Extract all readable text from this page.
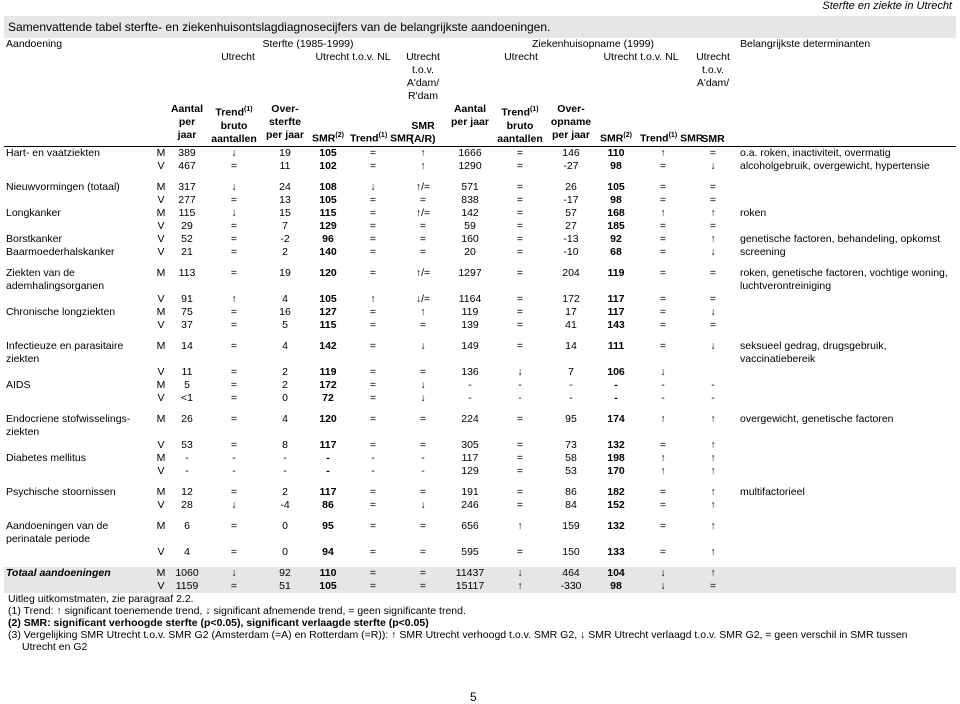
Sterfte en ziekte in Utrecht
Samenvattende tabel sterfte- en ziekenhuisontslagdiagnosecijfers van de belangrijkste aandoeningen.
Aandoening		Sterfte (1985-1999)						Ziekenhuisopname (1999)						Belangrijkste determinanten
		Utrecht			Utrecht t.o.v. NL		Utrecht t.o.v. A'dam/ R'dam	Utrecht			Utrecht t.o.v. NL		Utrecht t.o.v. A'dam/	
		Aantal per jaar	Trend$^{(1)}$ bruto aantallen	Over- sterfte per jaar	SMR$^{(2)}$	Trend$^{(1)}$ SMR	SMR (A/R)	Aantal per jaar	Trend$^{(1)}$ bruto aantallen	Over- opname per jaar	SMR$^{(2)}$	Trend$^{(1)}$ SMR	SMR	
Hart- en vaatziekten	M	389	↓	19	105	=	↑	1666	=	146	110	↑	=	o.a. roken, inactiviteit, overmatig alcoholgebruik, overgewicht, hypertensie
	V	467	=	11	102	=	↑	1290	=	-27	98	=	↓	

Nieuwvormingen (totaal)	M	317	↓	24	108	↓	↑/=	571	=	26	105	=	=	
	V	277	=	13	105	=	=	838	=	-17	98	=	=	
Longkanker	M	115	↓	15	115	=	↑/=	142	=	57	168	↑	↑	roken
	V	29	=	7	129	=	=	59	=	27	185	=	=	
Borstkanker	V	52	=	-2	96	=	=	160	=	-13	92	=	↑	genetische factoren, behandeling, opkomst screening
Baarmoederhalskanker	V	21	=	2	140	=	=	20	=	-10	68	=	↓	

Ziekten van de ademhalingsorganen	M	113	=	19	120	=	↑/=	1297	=	204	119	=	=	roken, genetische factoren, vochtige woning, luchtverontreiniging
	V	91	↑	4	105	↑	↓/=	1164	=	172	117	=	=	
Chronische longziekten	M	75	=	16	127	=	↑	119	=	17	117	=	↓	
	V	37	=	5	115	=	=	139	=	41	143	=	=	

Infectieuze en parasitaire ziekten	M	14	=	4	142	=	↓	149	=	14	111	=	↓	seksueel gedrag, drugsgebruik, vaccinatiebereik
	V	11	=	2	119	=	=	136	↓	7	106	↓		
AIDS	M	5	=	2	172	=	↓	-	-	-	-	-	-	
	V	<1	=	0	72	=	↓	-	-	-	-	-	-	

Endocriene stofwisselings-ziekten	M	26	=	4	120	=	=	224	=	95	174	↑	↑	overgewicht, genetische factoren
	V	53	=	8	117	=	=	305	=	73	132	=	↑	
Diabetes mellitus	M	-	-	-	-	-	-	117	=	58	198	↑	↑	
	V	-	-	-	-	-	-	129	=	53	170	↑	↑	

Psychische stoornissen	M	12	=	2	117	=	=	191	=	86	182	=	↑	multifactorieel
	V	28	↓	-4	86	=	↓	246	=	84	152	=	↑	

Aandoeningen van de perinatale periode	M	6	=	0	95	=	=	656	↑	159	132	=	↑	
	V	4	=	0	94	=	=	595	=	150	133	=	↑	

Totaal aandoeningen	M	1060	↓	92	110	=	=	11437	↓	464	104	↓	↑	
	V	1159	=	51	105	=	=	15117	↑	-330	98	↓	=	
Uitleg uitkomstmaten, zie paragraaf 2.2.
(1) Trend: ↑ significant toenemende trend, ↓ significant afnemende trend, = geen significante trend.
(2) SMR: significant verhoogde sterfte (p<0.05), significant verlaagde sterfte (p<0.05)
(3) Vergelijking SMR Utrecht t.o.v. SMR G2 (Amsterdam (=A) en Rotterdam (=R)): ↑ SMR Utrecht verhoogd t.o.v. SMR G2, ↓ SMR Utrecht verlaagd t.o.v. SMR G2, = geen verschil in SMR tussen
Utrecht en G2
5
